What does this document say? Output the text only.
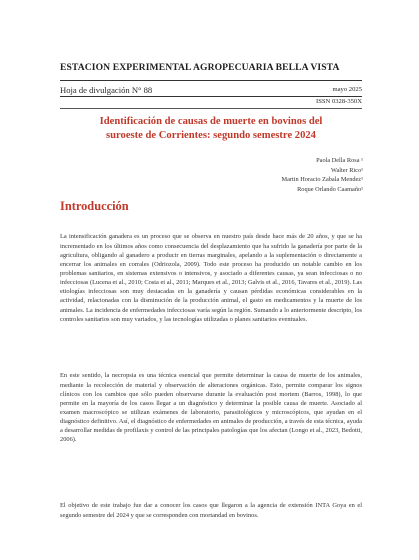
ESTACION EXPERIMENTAL AGROPECUARIA BELLA VISTA
Hoja de divulgación N° 88	mayo 2025
ISSN 0328-350X
Identificación de causas de muerte en bovinos del
suroeste de Corrientes: segundo semestre 2024
Paola Della Rosa ¹
Walter Rico¹
Martin Horacio Zabala Mendez¹
Roque Orlando Caamaño¹
Introducción

La intensificación ganadera es un proceso que se observa en nuestro país desde hace más de 20 años, y que se ha incrementado en los últimos años como consecuencia del desplazamiento que ha sufrido la ganadería por parte de la agricultura, obligando al ganadero a producir en tierras marginales, apelando a la suplementación o directamente a encerrar los animales en corrales (Odriozola, 2009). Todo este proceso ha producido un notable cambio en los problemas sanitarios, en sistemas extensivos o intensivos, y asociado a diferentes causas, ya sean infecciosas o no infecciosas (Lucena et al., 2010; Costa et al., 2011; Marques et al., 2013; Galvis et al., 2016, Tavares et al., 2019). Las etiologías infecciosas son muy destacadas en la ganadería y causan pérdidas económicas considerables en la actividad, relacionadas con la disminución de la producción animal, el gasto en medicamentos y la muerte de los animales. La incidencia de enfermedades infecciosas varía según la región. Sumando a lo anteriormente descripto, los controles sanitarios son muy variados, y las tecnologías utilizadas o planes sanitarios eventuales.

En este sentido, la necropsia es una técnica esencial que permite determinar la causa de muerte de los animales, mediante la recolección de material y observación de alteraciones orgánicas. Esto, permite comparar los signos clínicos con los cambios que sólo pueden observarse durante la evaluación post mortem (Barros, 1998), lo que permite en la mayoría de los casos llegar a un diagnóstico y determinar la posible causa de muerte. Asociado al examen macroscópico se utilizan exámenes de laboratorio, parasitológicos y microscópicos, que ayudan en el diagnóstico definitivo. Así, el diagnóstico de enfermedades en animales de producción, a través de esta técnica, ayuda a desarrollar medidas de profilaxis y control de las principales patologías que los afectan (Longo et al., 2023, Bedotti, 2006).

El objetivo de este trabajo fue dar a conocer los casos que llegaron a la agencia de extensión INTA Goya en el segundo semestre del 2024 y que se corresponden con mortandad en bovinos.
